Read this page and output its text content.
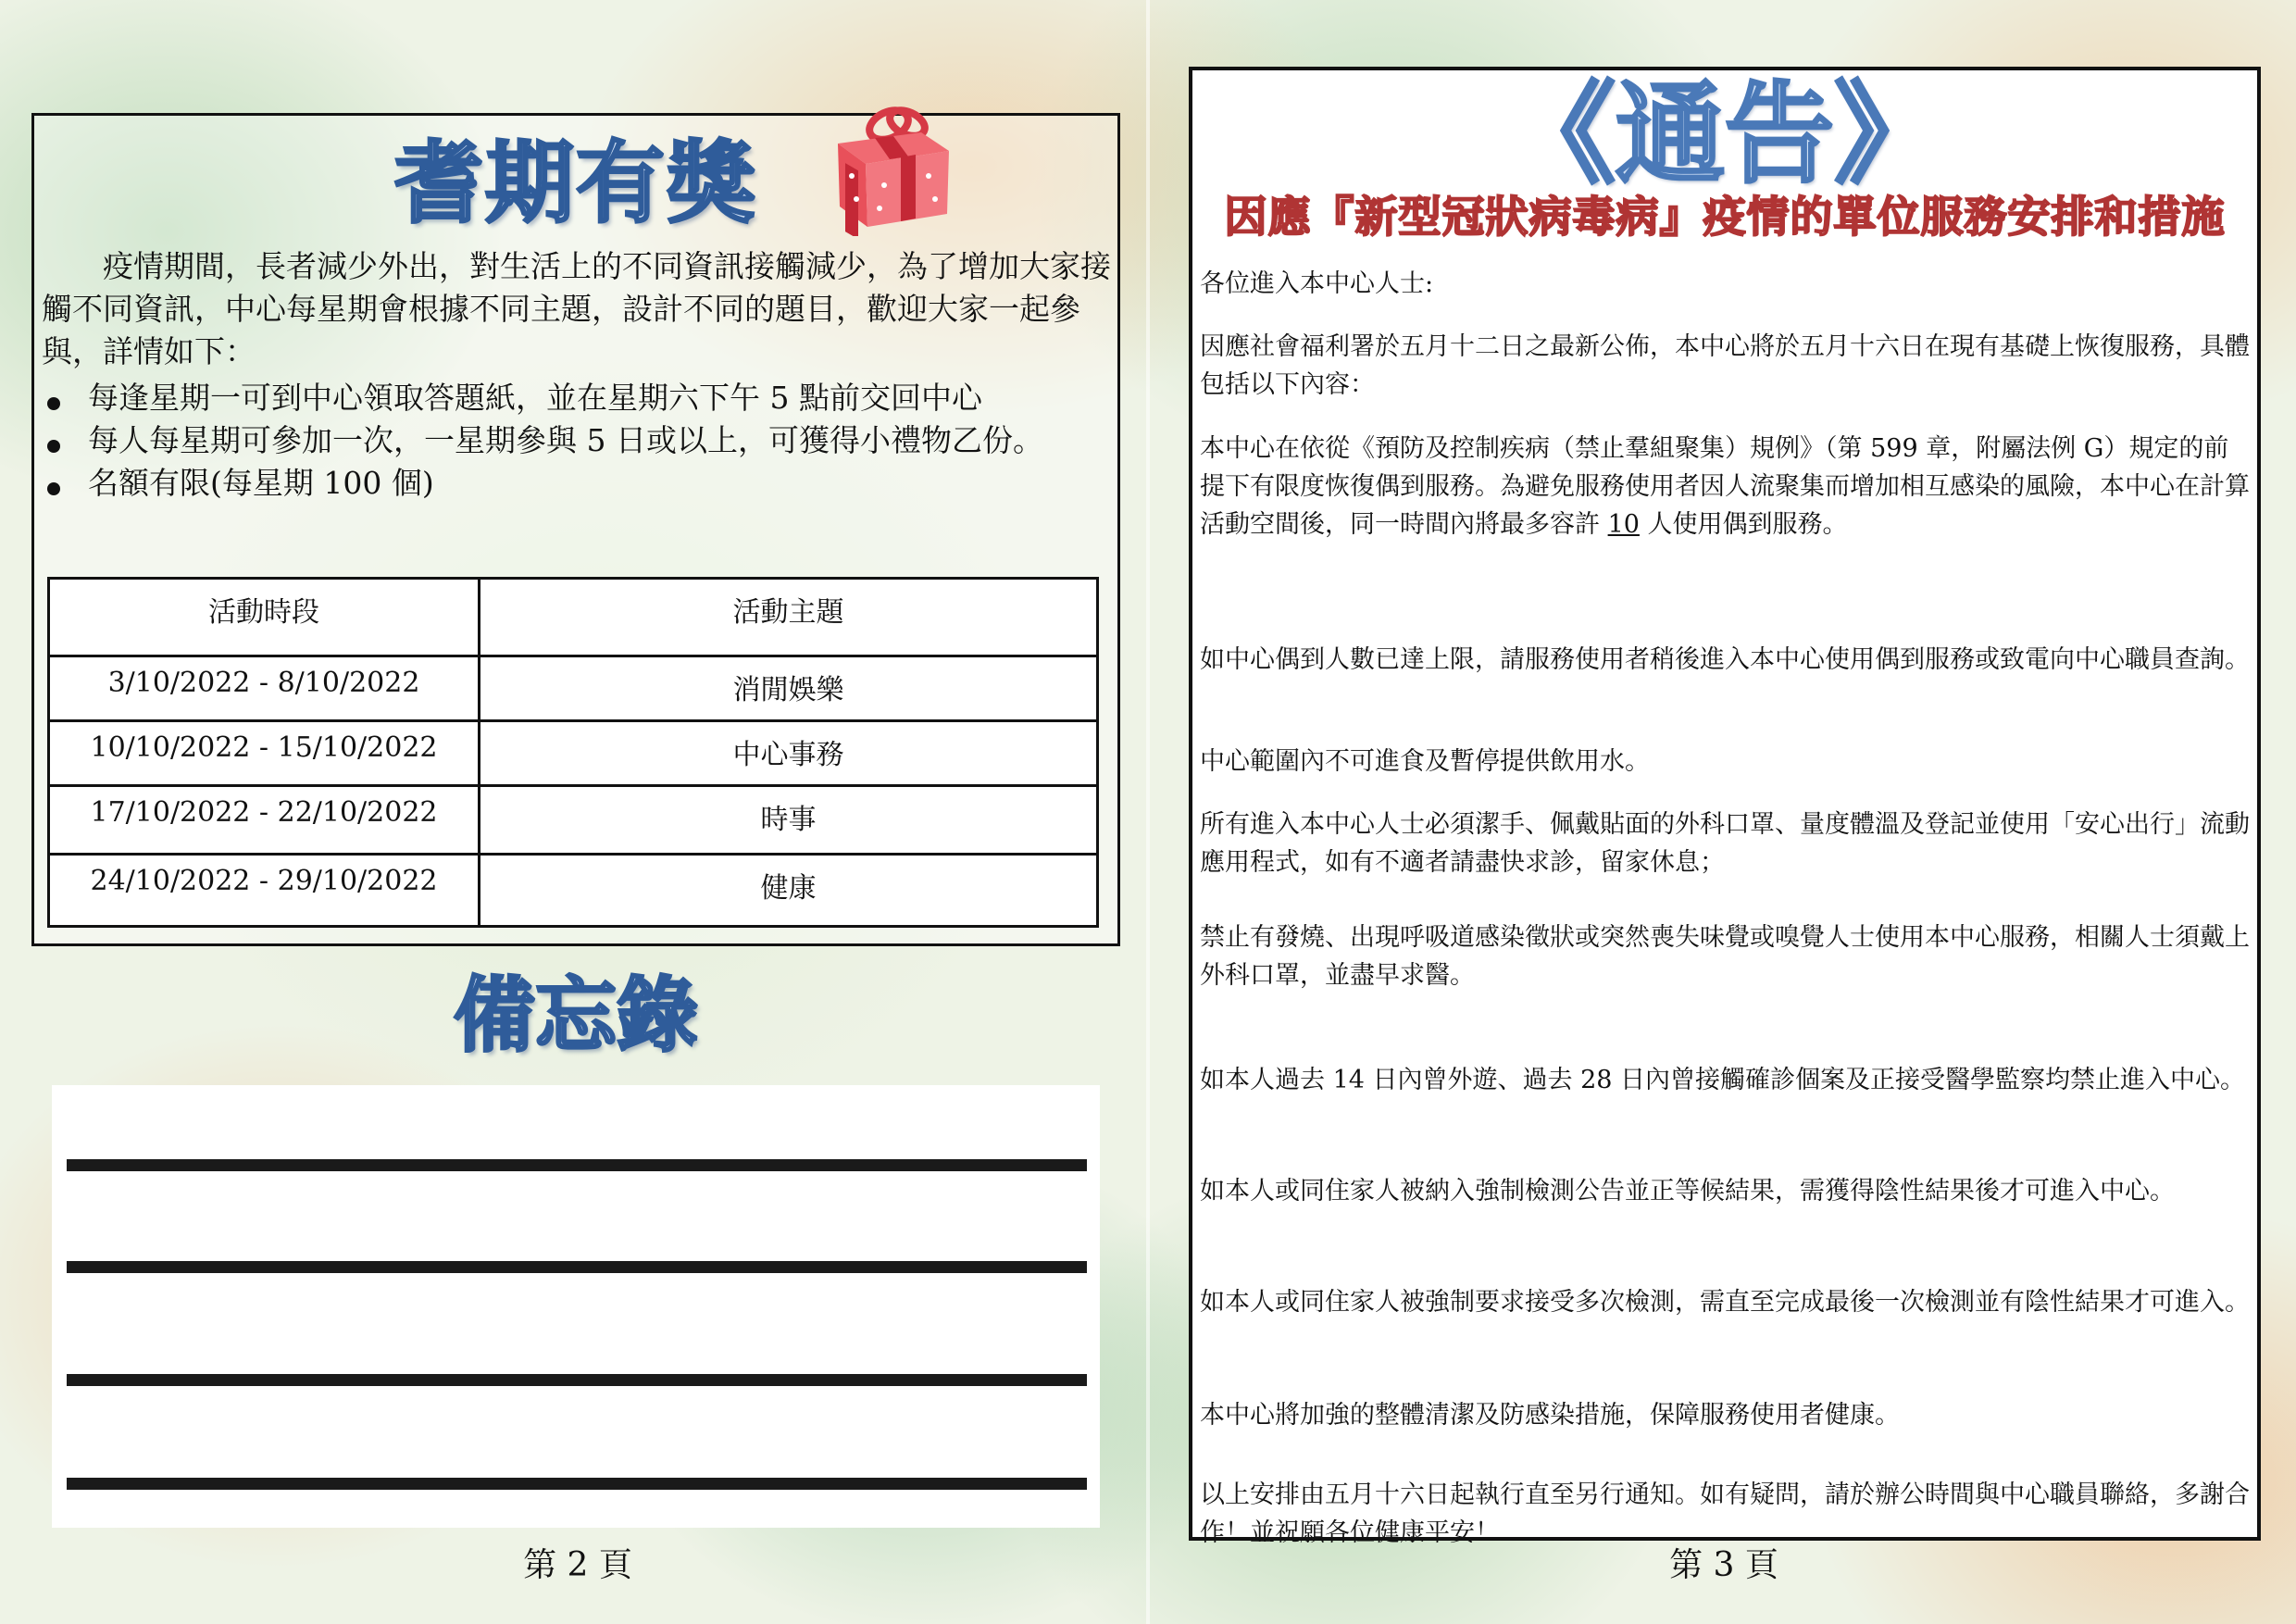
耆期有獎

疫情期間，長者減少外出，對生活上的不同資訊接觸減少，為了增加大家接觸不同資訊，中心每星期會根據不同主題，設計不同的題目，歡迎大家一起參與，詳情如下：

每逢星期一可到中心領取答題紙，並在星期六下午 5 點前交回中心
每人每星期可參加一次，一星期參與 5 日或以上，可獲得小禮物乙份。
名額有限(每星期 100 個)
活動時段	活動主題
3/10/2022 - 8/10/2022	消閒娛樂
10/10/2022 - 15/10/2022	中心事務
17/10/2022 - 22/10/2022	時事
24/10/2022 - 29/10/2022	健康
備忘錄
第 2 頁
《通告》
因應『新型冠狀病毒病』疫情的單位服務安排和措施

各位進入本中心人士:

因應社會福利署於五月十二日之最新公佈，本中心將於五月十六日在現有基礎上恢復服務，具體包括以下內容：

本中心在依從《預防及控制疾病（禁止羣組聚集）規例》（第 599 章，附屬法例 G）規定的前提下有限度恢復偶到服務。為避免服務使用者因人流聚集而增加相互感染的風險，本中心在計算活動空間後，同一時間內將最多容許 10 人使用偶到服務。

如中心偶到人數已達上限，請服務使用者稍後進入本中心使用偶到服務或致電向中心職員查詢。

中心範圍內不可進食及暫停提供飲用水。

所有進入本中心人士必須潔手、佩戴貼面的外科口罩、量度體溫及登記並使用「安心出行」流動應用程式，如有不適者請盡快求診，留家休息；

禁止有發燒、出現呼吸道感染徵狀或突然喪失味覺或嗅覺人士使用本中心服務，相關人士須戴上外科口罩，並盡早求醫。

如本人過去 14 日內曾外遊、過去 28 日內曾接觸確診個案及正接受醫學監察均禁止進入中心。

如本人或同住家人被納入強制檢測公告並正等候結果，需獲得陰性結果後才可進入中心。

如本人或同住家人被強制要求接受多次檢測，需直至完成最後一次檢測並有陰性結果才可進入。

本中心將加強的整體清潔及防感染措施，保障服務使用者健康。

以上安排由五月十六日起執行直至另行通知。如有疑問，請於辦公時間與中心職員聯絡，多謝合作！並祝願各位健康平安！

第 3 頁
